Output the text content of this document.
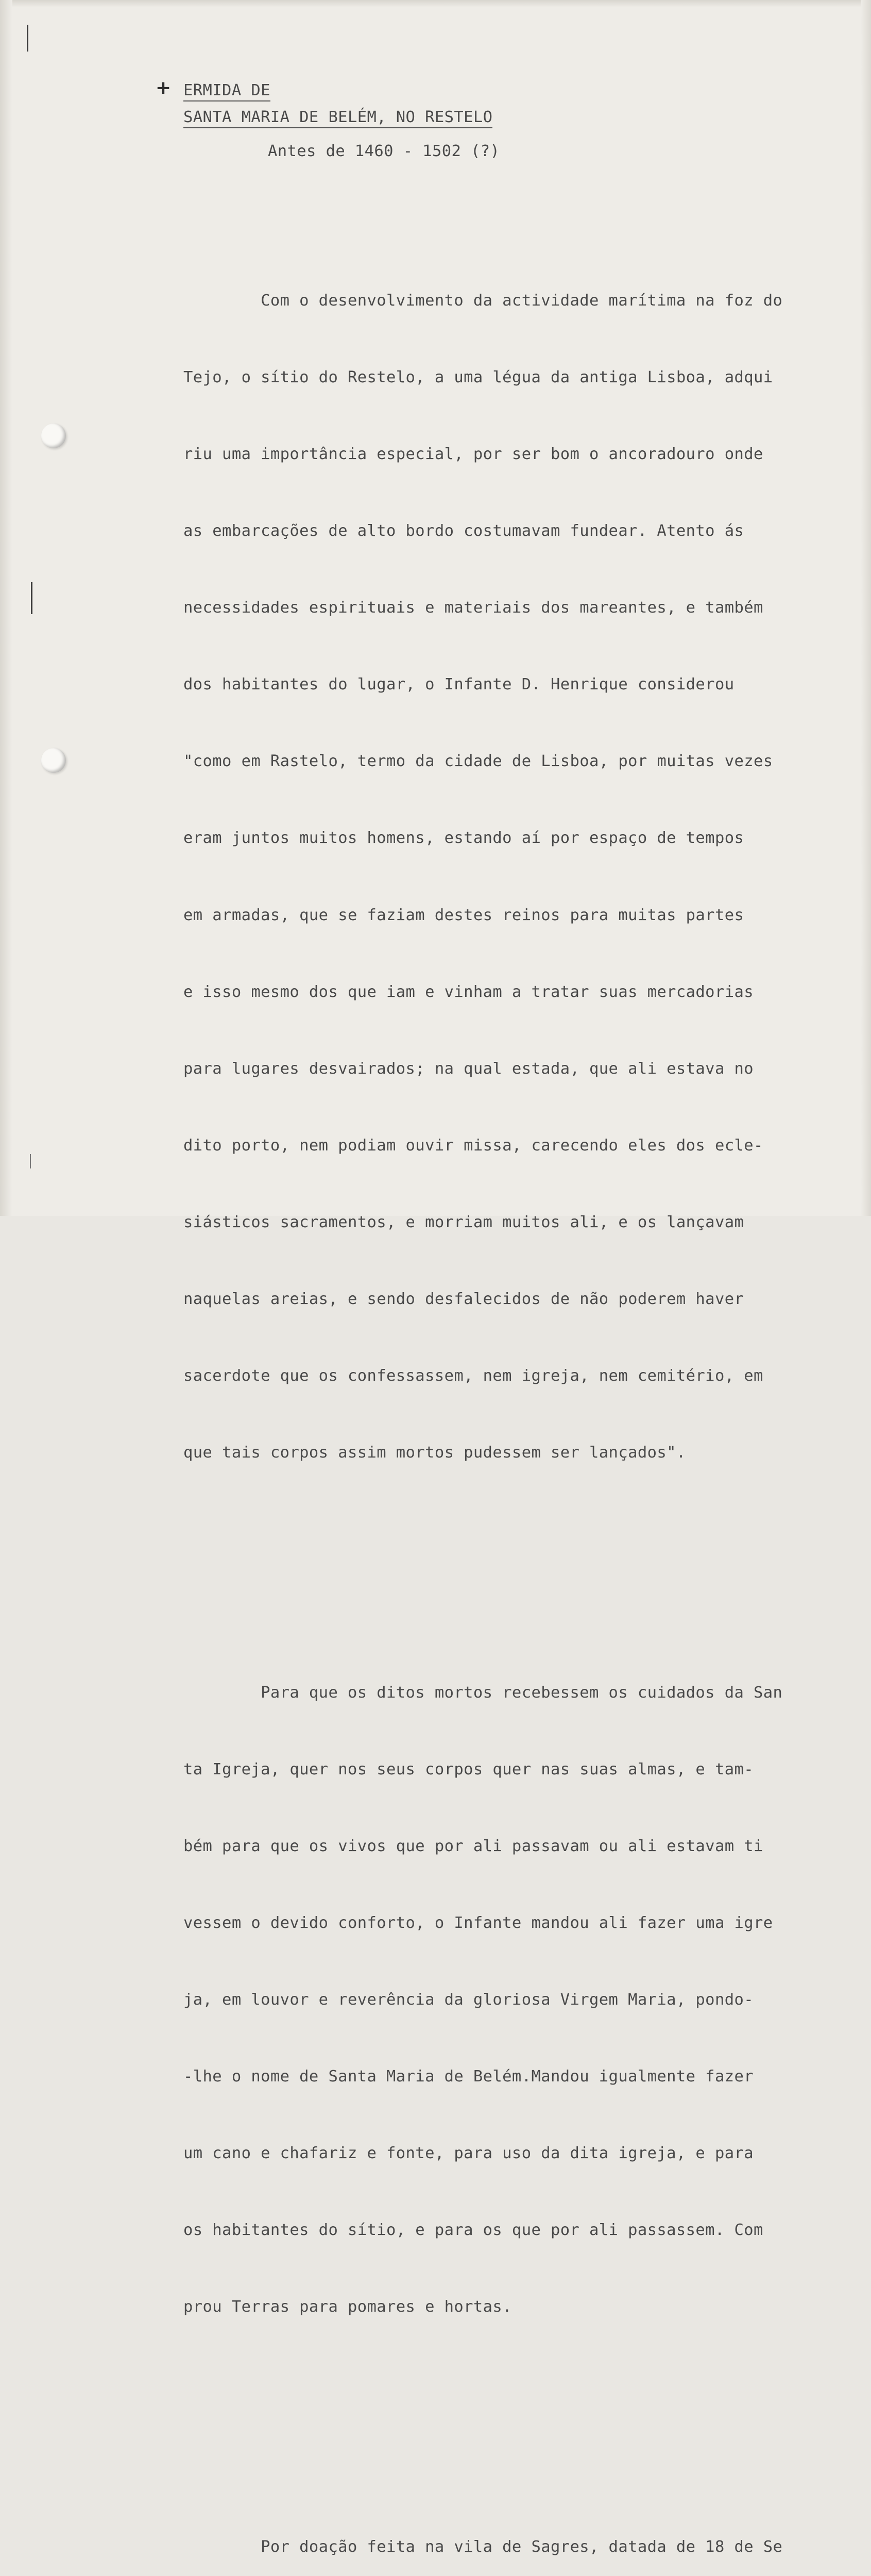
+ ERMIDA DE
SANTA MARIA DE BELÉM, NO RESTELO
Antes de 1460 - 1502 (?)

Com o desenvolvimento da actividade marítima na foz do

Tejo, o sítio do Restelo, a uma légua da antiga Lisboa, adqui

riu uma importância especial, por ser bom o ancoradouro onde

as embarcações de alto bordo costumavam fundear. Atento ás

necessidades espirituais e materiais dos mareantes, e também

dos habitantes do lugar, o Infante D. Henrique considerou

"como em Rastelo, termo da cidade de Lisboa, por muitas vezes

eram juntos muitos homens, estando aí por espaço de tempos

em armadas, que se faziam destes reinos para muitas partes

e isso mesmo dos que iam e vinham a tratar suas mercadorias

para lugares desvairados; na qual estada, que ali estava no

dito porto, nem podiam ouvir missa, carecendo eles dos ecle-

siásticos sacramentos, e morriam muitos ali, e os lançavam

naquelas areias, e sendo desfalecidos de não poderem haver

sacerdote que os confessassem, nem igreja, nem cemitério, em

que tais corpos assim mortos pudessem ser lançados".

Para que os ditos mortos recebessem os cuidados da San

ta Igreja, quer nos seus corpos quer nas suas almas, e tam-

bém para que os vivos que por ali passavam ou ali estavam ti

vessem o devido conforto, o Infante mandou ali fazer uma igre

ja, em louvor e reverência da gloriosa Virgem Maria, pondo-

-lhe o nome de Santa Maria de Belém.Mandou igualmente fazer

um cano e chafariz e fonte, para uso da dita igreja, e para

os habitantes do sítio, e para os que por ali passassem. Com

prou Terras para pomares e hortas.

Por doação feita na vila de Sagres, datada de 18 de Se
